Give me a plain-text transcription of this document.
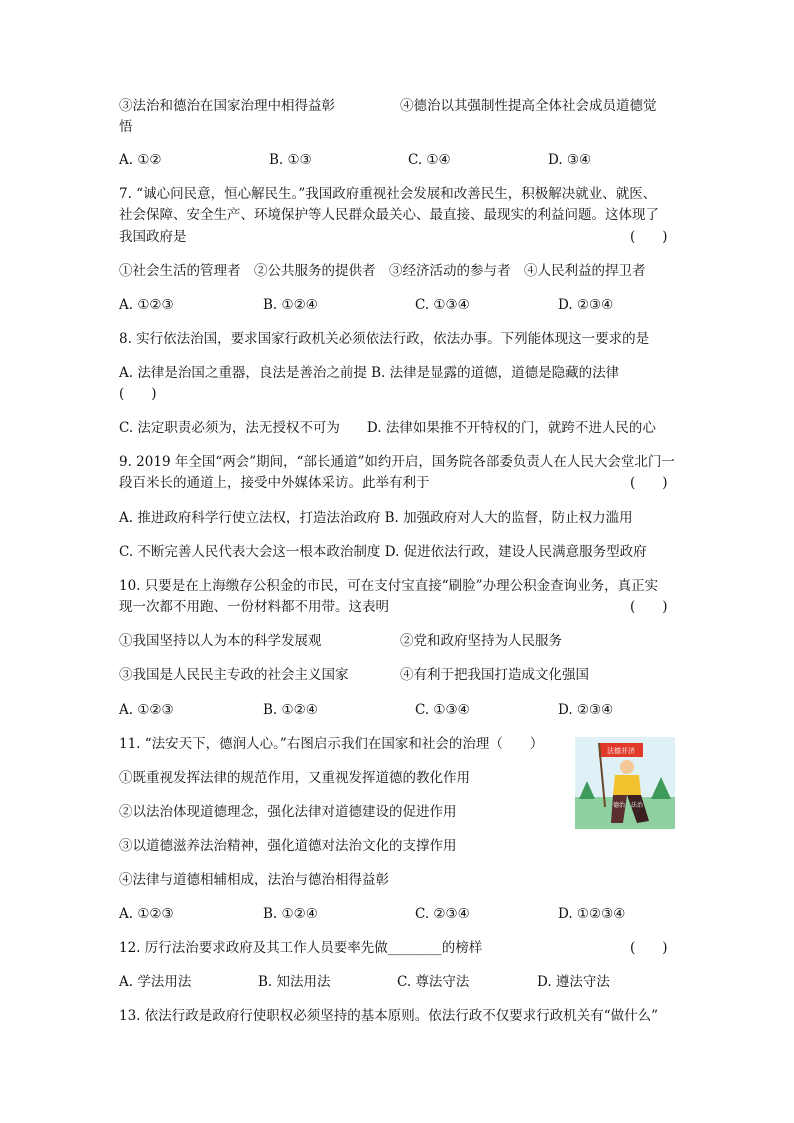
③法治和德治在国家治理中相得益彰	④德治以其强制性提高全体社会成员道德觉
悟
A. ①②	B. ①③	C. ①④	D. ③④
7. “诚心问民意，恒心解民生。”我国政府重视社会发展和改善民生，积极解决就业、就医、
社会保障、安全生产、环境保护等人民群众最关心、最直接、最现实的利益问题。这体现了
我国政府是	(　　)
①社会生活的管理者　②公共服务的提供者　③经济活动的参与者　④人民利益的捍卫者
A. ①②③	B. ①②④	C. ①③④	D. ②③④
8. 实行依法治国，要求国家行政机关必须依法行政，依法办事。下列能体现这一要求的是
A. 法律是治国之重器，良法是善治之前提 B. 法律是显露的道德，道德是隐藏的法律
(　　)
C. 法定职责必须为，法无授权不可为　　D. 法律如果推不开特权的门，就跨不进人民的心
9. 2019 年全国“两会”期间，“部长通道”如约开启，国务院各部委负责人在人民大会堂北门一
段百米长的通道上，接受中外媒体采访。此举有利于	(　　)
A. 推进政府科学行使立法权，打造法治政府 B. 加强政府对人大的监督，防止权力滥用
C. 不断完善人民代表大会这一根本政治制度 D. 促进依法行政，建设人民满意服务型政府
10. 只要是在上海缴存公积金的市民，可在支付宝直接“刷脸”办理公积金查询业务，真正实
现一次都不用跑、一份材料都不用带。这表明	(　　)
①我国坚持以人为本的科学发展观	②党和政府坚持为人民服务
③我国是人民民主专政的社会主义国家	④有利于把我国打造成文化强国
A. ①②③	B. ①②④	C. ①③④	D. ②③④
11. “法安天下，德润人心。”右图启示我们在国家和社会的治理（　　）
①既重视发挥法律的规范作用，又重视发挥道德的教化作用
②以法治体现道德理念，强化法律对道德建设的促进作用
③以道德滋养法治精神，强化道德对法治文化的支撑作用
④法律与道德相辅相成，法治与德治相得益彰
A. ①②③	B. ①②④	C. ②③④	D. ①②③④
法德并济
德治 法治
12. 厉行法治要求政府及其工作人员要率先做________的榜样	(　　)
A. 学法用法	B. 知法用法	C. 尊法守法	D. 遵法守法
13. 依法行政是政府行使职权必须坚持的基本原则。依法行政不仅要求行政机关有“做什么”
